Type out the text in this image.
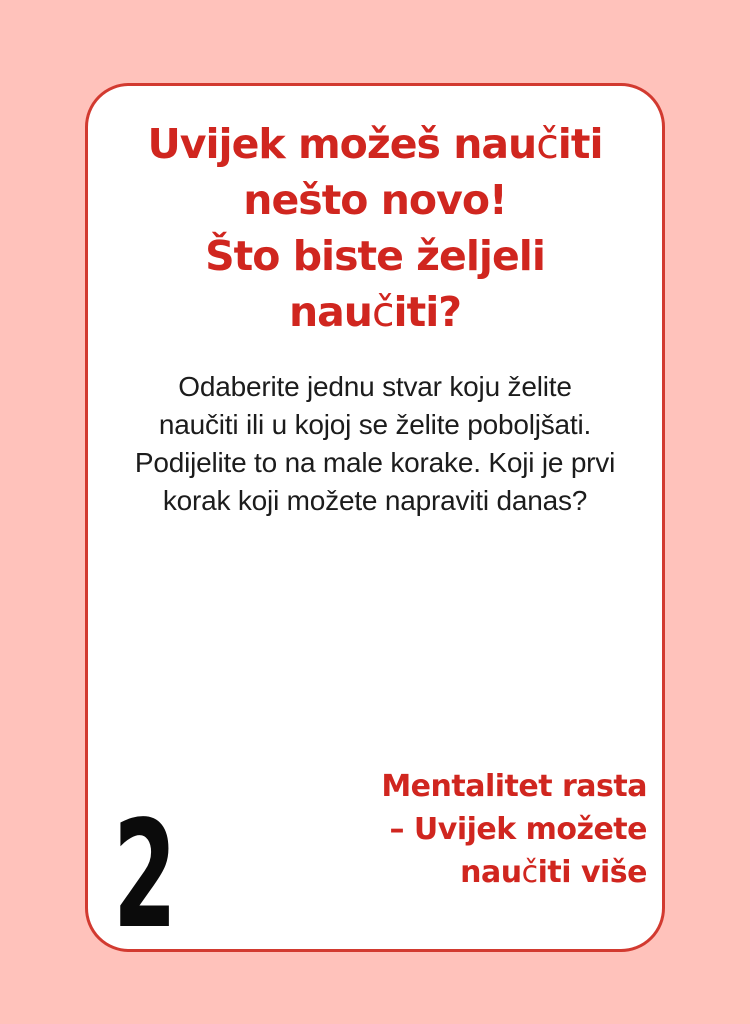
Uvijek možeš naučiti
nešto novo!
Što biste željeli
naučiti?
Odaberite jednu stvar koju želite
naučiti ili u kojoj se želite poboljšati.
Podijelite to na male korake. Koji je prvi
korak koji možete napraviti danas?
Mentalitet rasta
– Uvijek možete
naučiti više
2
